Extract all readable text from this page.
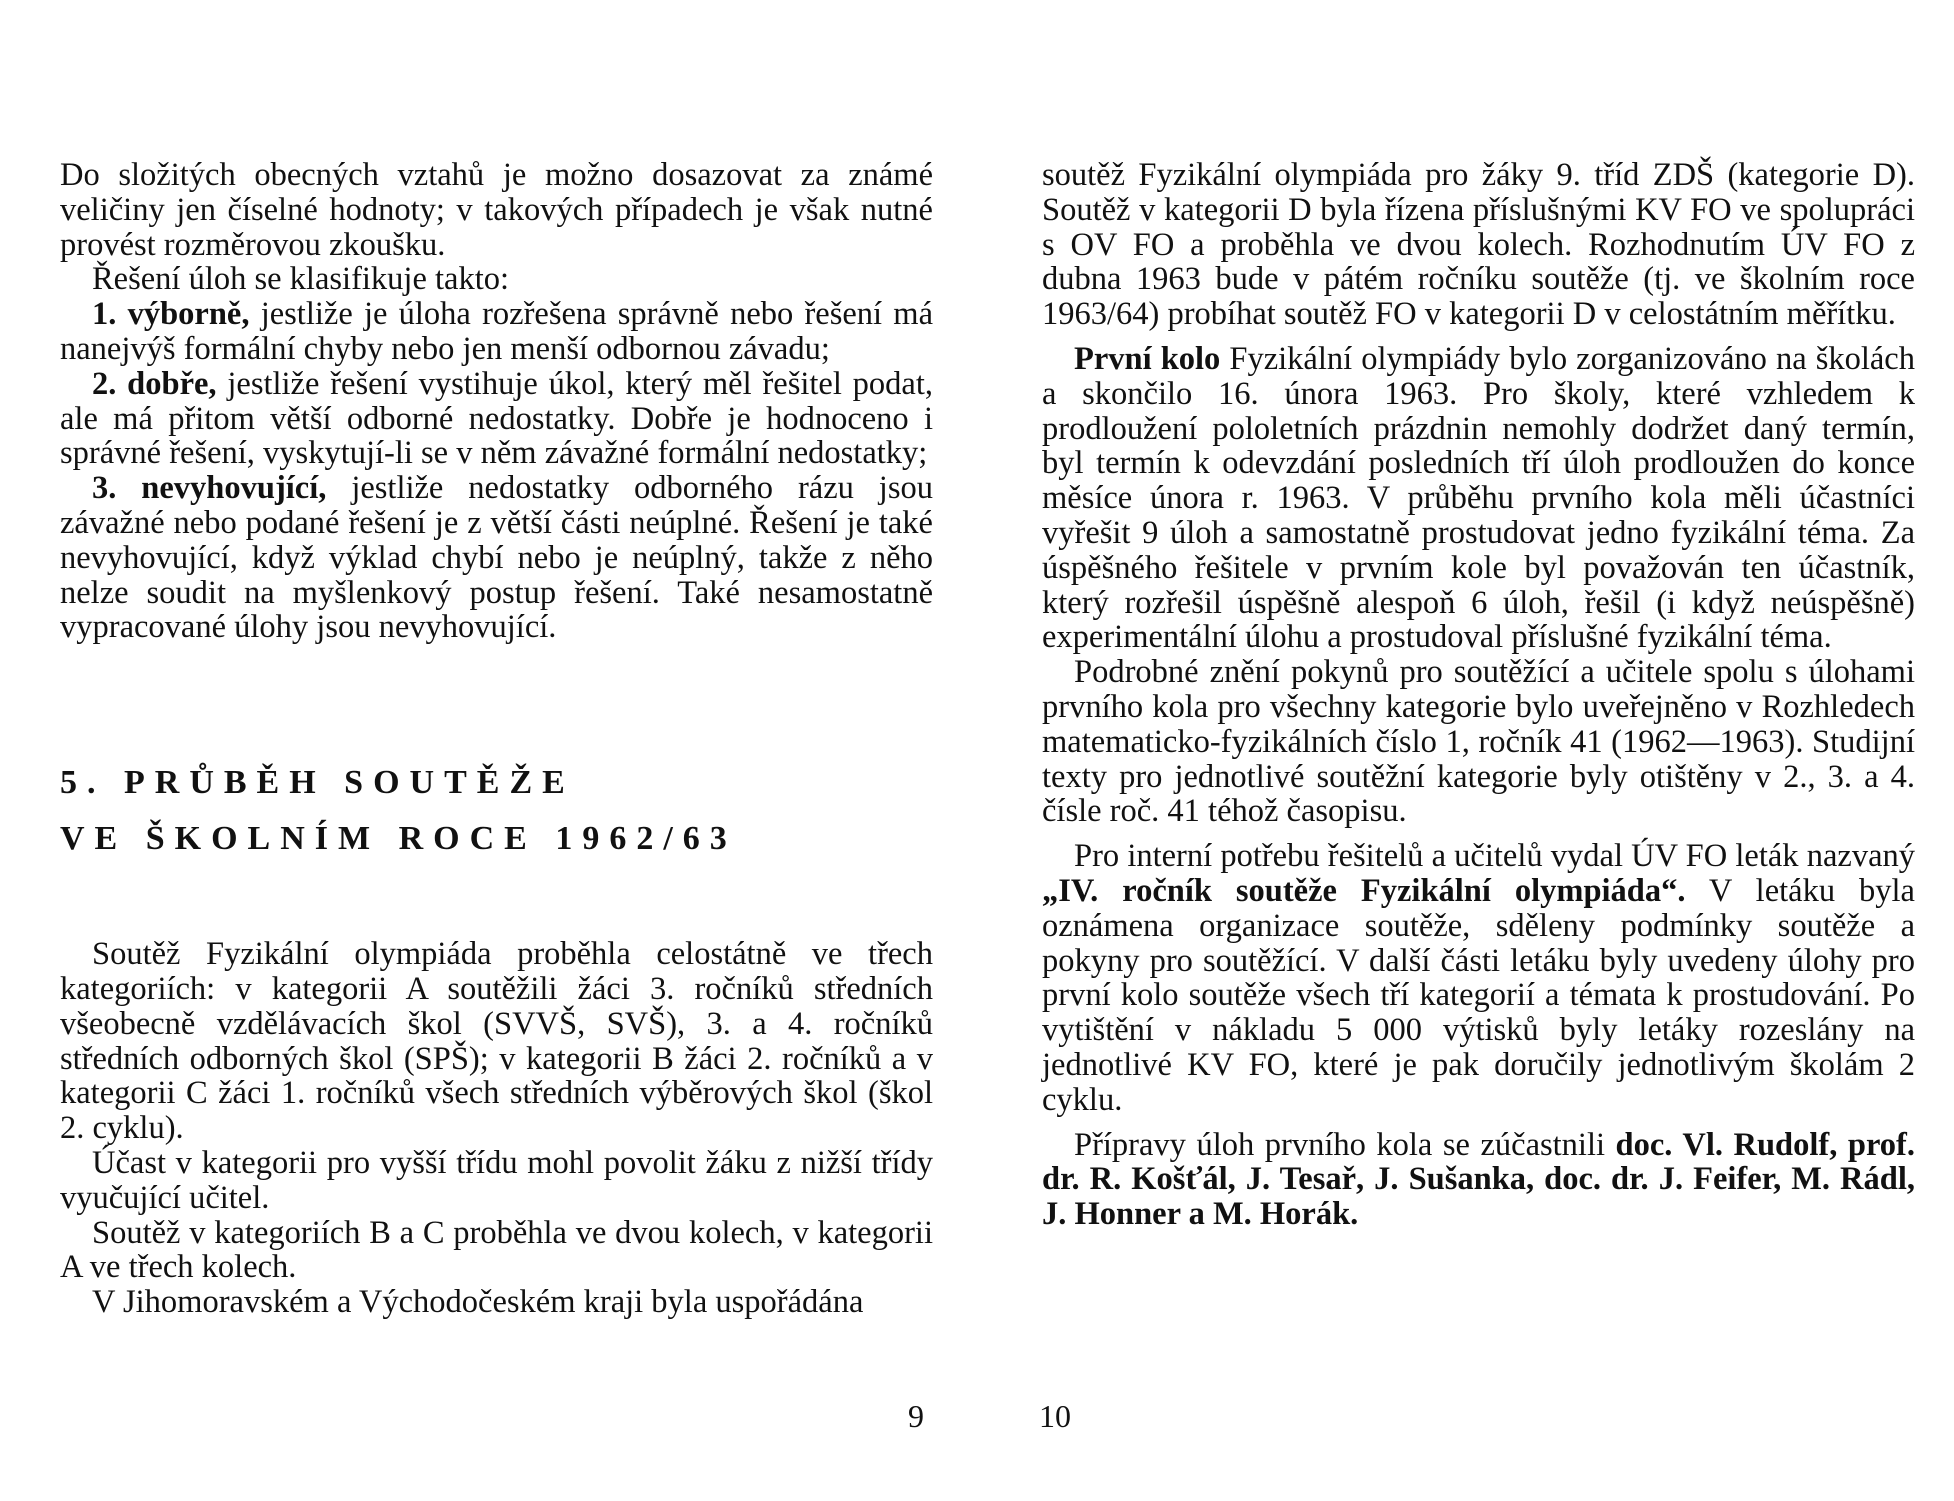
Do složitých obecných vztahů je možno dosazovat za známé veličiny jen číselné hodnoty; v takových případech je však nutné provést rozměrovou zkoušku.

Řešení úloh se klasifikuje takto:

1. výborně, jestliže je úloha rozřešena správně nebo řešení má nanejvýš formální chyby nebo jen menší odbornou závadu;

2. dobře, jestliže řešení vystihuje úkol, který měl řešitel podat, ale má přitom větší odborné nedostatky. Dobře je hodnoceno i správné řešení, vyskytují-li se v něm závažné formální nedostatky;

3. nevyhovující, jestliže nedostatky odborného rázu jsou závažné nebo podané řešení je z větší části neúplné. Řešení je také nevyhovující, když výklad chybí nebo je neúplný, takže z něho nelze soudit na myšlenkový postup řešení. Také nesamostatně vypracované úlohy jsou nevyhovující.

5. PRŮBĚH SOUTĚŽE
VE ŠKOLNÍM ROCE 1962/63

Soutěž Fyzikální olympiáda proběhla celostátně ve třech kategoriích: v kategorii A soutěžili žáci 3. ročníků středních všeobecně vzdělávacích škol (SVVŠ, SVŠ), 3. a 4. ročníků středních odborných škol (SPŠ); v kategorii B žáci 2. ročníků a v kategorii C žáci 1. ročníků všech středních výběrových škol (škol 2. cyklu).

Účast v kategorii pro vyšší třídu mohl povolit žáku z nižší třídy vyučující učitel.

Soutěž v kategoriích B a C proběhla ve dvou kolech, v kategorii A ve třech kolech.

V Jihomoravském a Východočeském kraji byla uspořádána

9

soutěž Fyzikální olympiáda pro žáky 9. tříd ZDŠ (kategorie D). Soutěž v kategorii D byla řízena příslušnými KV FO ve spolupráci s OV FO a proběhla ve dvou kolech. Rozhodnutím ÚV FO z dubna 1963 bude v pátém ročníku soutěže (tj. ve školním roce 1963/64) probíhat soutěž FO v kategorii D v celostátním měřítku.

První kolo Fyzikální olympiády bylo zorganizováno na školách a skončilo 16. února 1963. Pro školy, které vzhledem k prodloužení pololetních prázdnin nemohly dodržet daný termín, byl termín k odevzdání posledních tří úloh prodloužen do konce měsíce února r. 1963. V průběhu prvního kola měli účastníci vyřešit 9 úloh a samostatně prostudovat jedno fyzikální téma. Za úspěšného řešitele v prvním kole byl považován ten účastník, který rozřešil úspěšně alespoň 6 úloh, řešil (i když neúspěšně) experimentální úlohu a prostudoval příslušné fyzikální téma.

Podrobné znění pokynů pro soutěžící a učitele spolu s úlohami prvního kola pro všechny kategorie bylo uveřejněno v Rozhledech matematicko-fyzikálních číslo 1, ročník 41 (1962—1963). Studijní texty pro jednotlivé soutěžní kategorie byly otištěny v 2., 3. a 4. čísle roč. 41 téhož časopisu.

Pro interní potřebu řešitelů a učitelů vydal ÚV FO leták nazvaný „IV. ročník soutěže Fyzikální olympiáda“. V letáku byla oznámena organizace soutěže, sděleny podmínky soutěže a pokyny pro soutěžící. V další části letáku byly uvedeny úlohy pro první kolo soutěže všech tří kategorií a témata k prostudování. Po vytištění v nákladu 5 000 výtisků byly letáky rozeslány na jednotlivé KV FO, které je pak doručily jednotlivým školám 2 cyklu.

Přípravy úloh prvního kola se zúčastnili doc. Vl. Rudolf, prof. dr. R. Košťál, J. Tesař, J. Sušanka, doc. dr. J. Feifer, M. Rádl, J. Honner a M. Horák.

10
